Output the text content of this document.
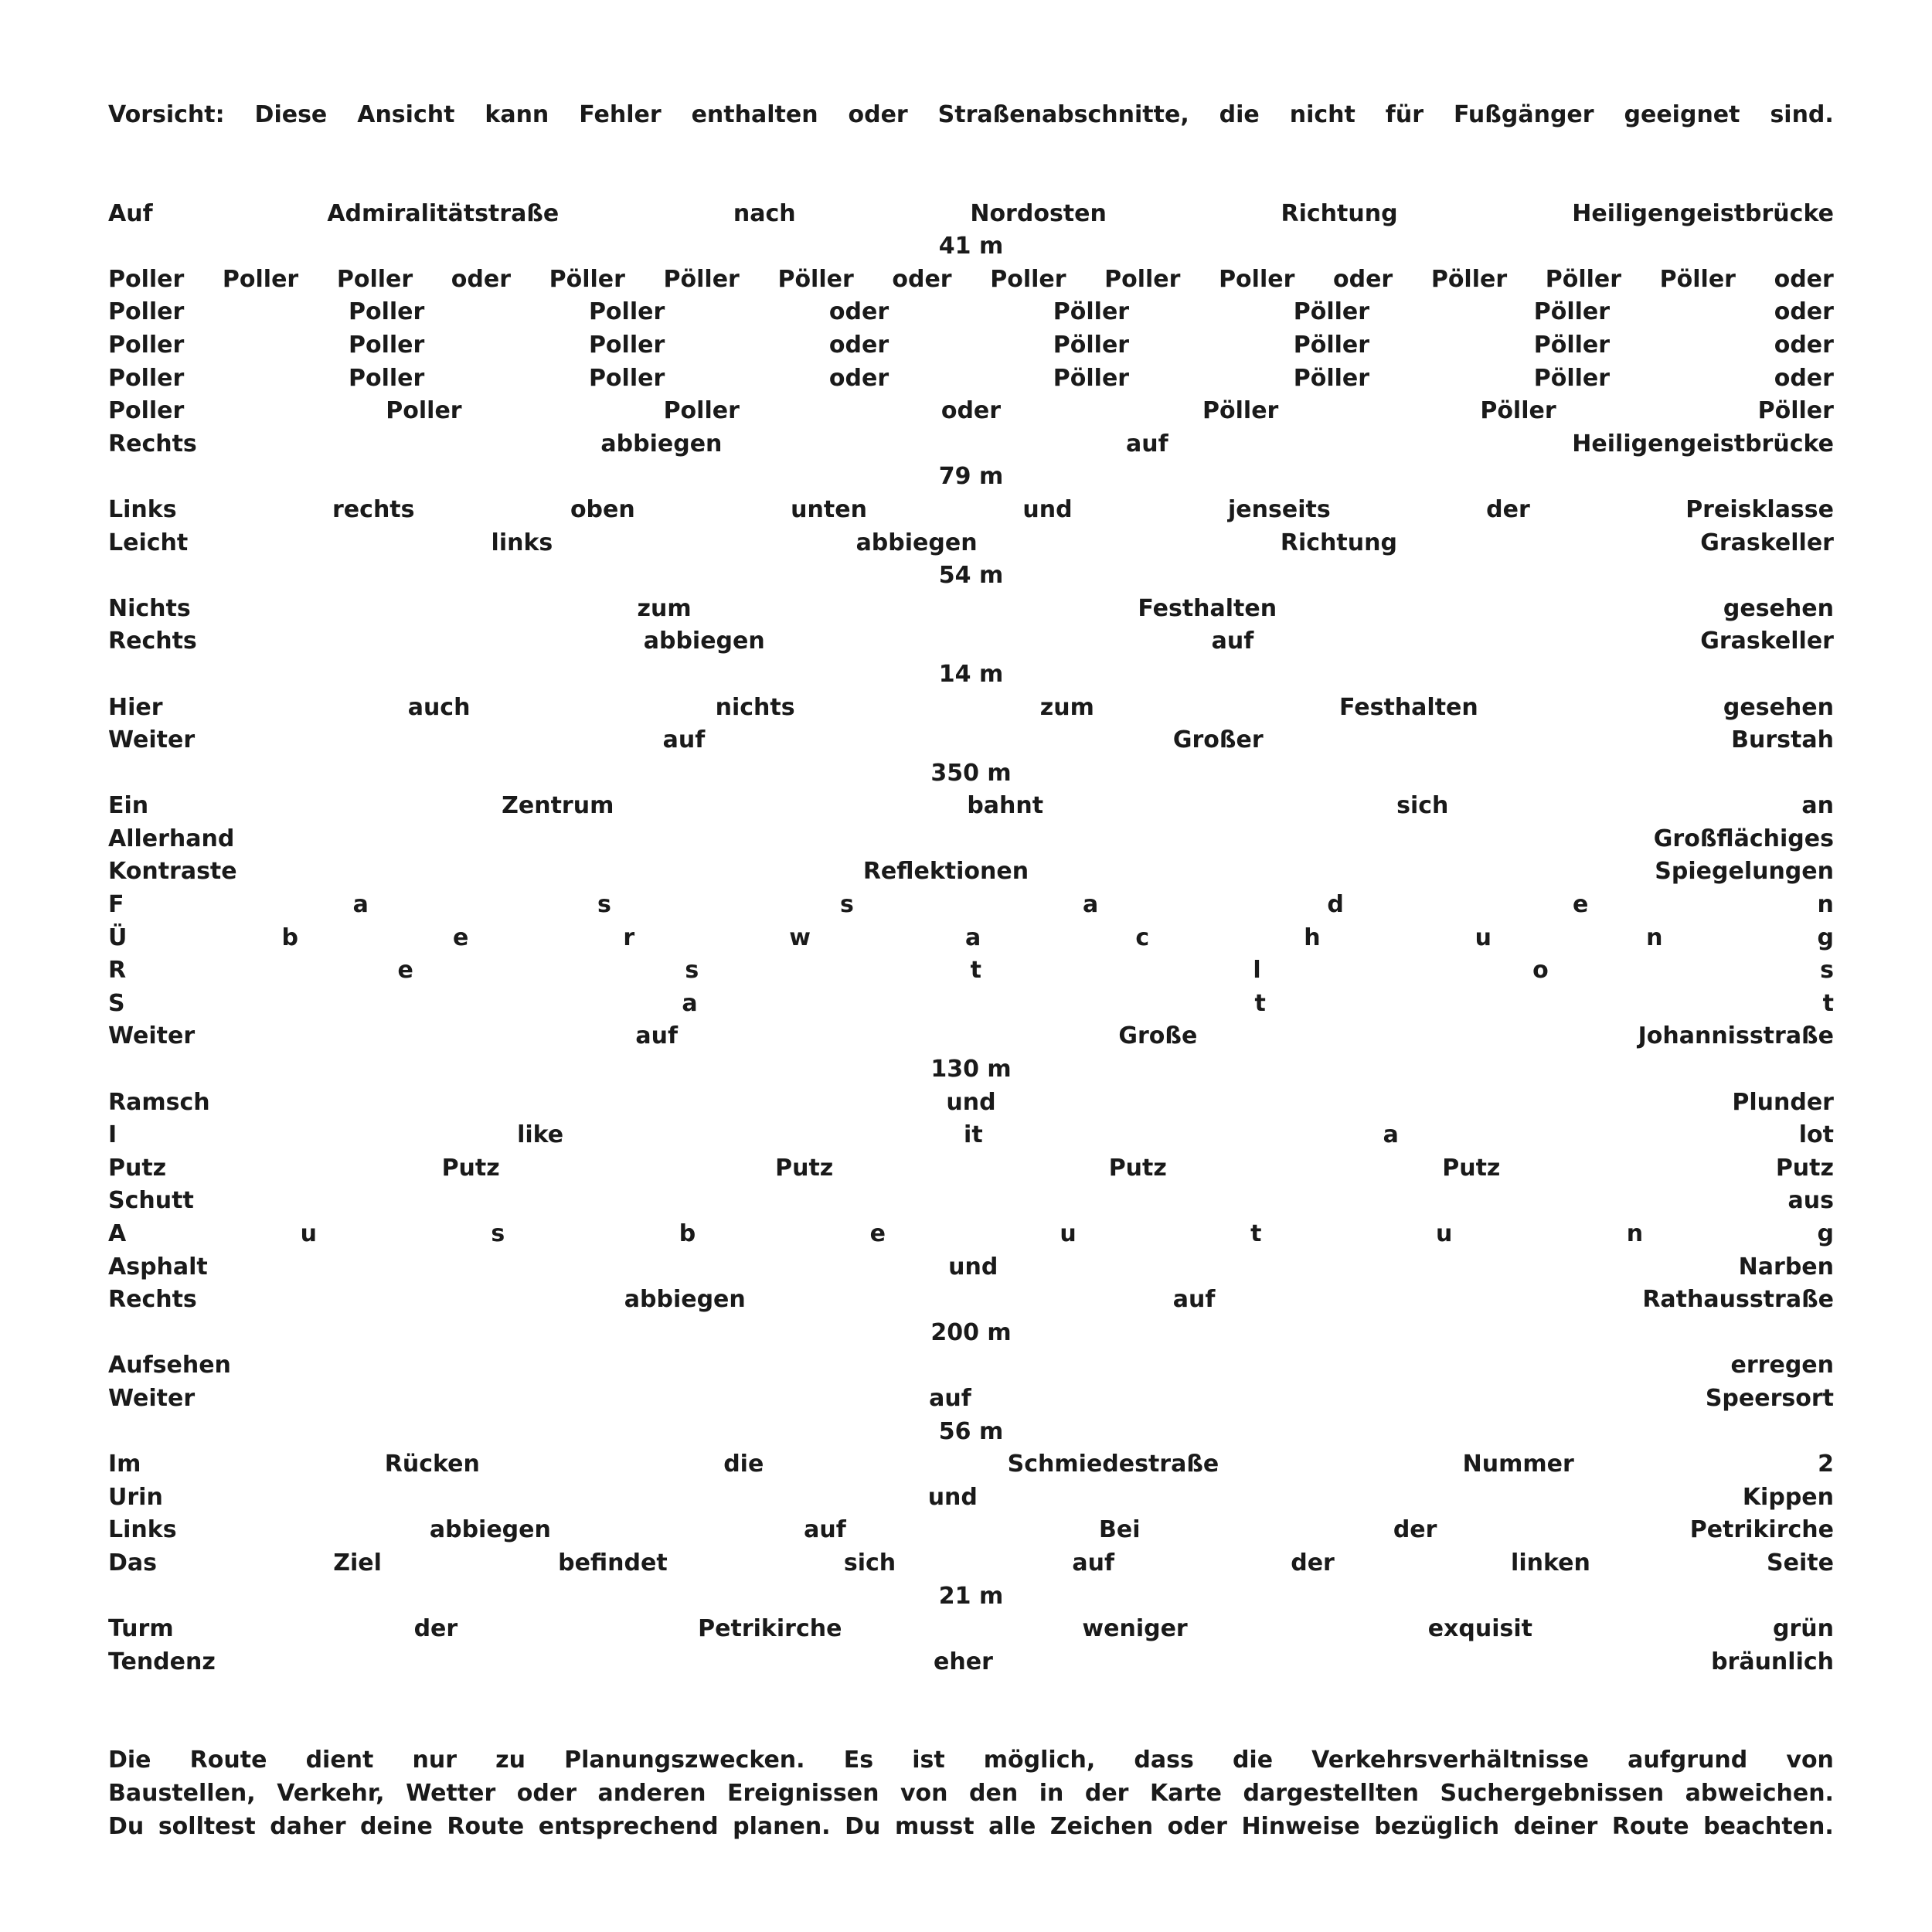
Vorsicht: Diese Ansicht kann Fehler enthalten oder Straßenabschnitte, die nicht für Fußgänger geeignet sind.
Auf	Admiralitätstraße	nach	Nordosten	Richtung	Heiligengeistbrücke
41 m
Poller Poller Poller oder Pöller Pöller Pöller oder Poller Poller Poller oder Pöller Pöller Pöller oder
Poller	Poller	Poller	oder	Pöller	Pöller	Pöller	oder
Poller	Poller	Poller	oder	Pöller	Pöller	Pöller	oder
Poller	Poller	Poller	oder	Pöller	Pöller	Pöller	oder
Poller	Poller	Poller	oder	Pöller	Pöller	Pöller
Rechts	abbiegen	auf	Heiligengeistbrücke
79 m
Links	rechts	oben	unten	und	jenseits	der	Preisklasse
Leicht	links	abbiegen	Richtung	Graskeller
54 m
Nichts	zum	Festhalten	gesehen
Rechts	abbiegen	auf	Graskeller
14 m
Hier	auch	nichts	zum	Festhalten	gesehen
Weiter	auf	Großer	Burstah
350 m
Ein	Zentrum	bahnt	sich	an
Allerhand	Großflächiges
Kontraste	Reflektionen	Spiegelungen
F	a	s	s	a	d	e	n
Ü	b	e	r	w	a	c	h	u	n	g
R	e	s	t	l	o	s
S	a	t	t
Weiter	auf	Große	Johannisstraße
130 m
Ramsch	und	Plunder
I	like	it	a	lot
Putz	Putz	Putz	Putz	Putz	Putz
Schutt	aus
A	u	s	b	e	u	t	u	n	g
Asphalt	und	Narben
Rechts	abbiegen	auf	Rathausstraße
200 m
Aufsehen	erregen
Weiter	auf	Speersort
56 m
Im	Rücken	die	Schmiedestraße	Nummer	2
Urin	und	Kippen
Links	abbiegen	auf	Bei	der	Petrikirche
Das	Ziel	befindet	sich	auf	der	linken	Seite
21 m
Turm	der	Petrikirche	weniger	exquisit	grün
Tendenz	eher	bräunlich
Die Route dient nur zu Planungszwecken. Es ist möglich, dass die Verkehrsverhältnisse aufgrund von
Baustellen, Verkehr, Wetter oder anderen Ereignissen von den in der Karte dargestellten Suchergebnissen abweichen.
Du solltest daher deine Route entsprechend planen. Du musst alle Zeichen oder Hinweise bezüglich deiner Route beachten.
